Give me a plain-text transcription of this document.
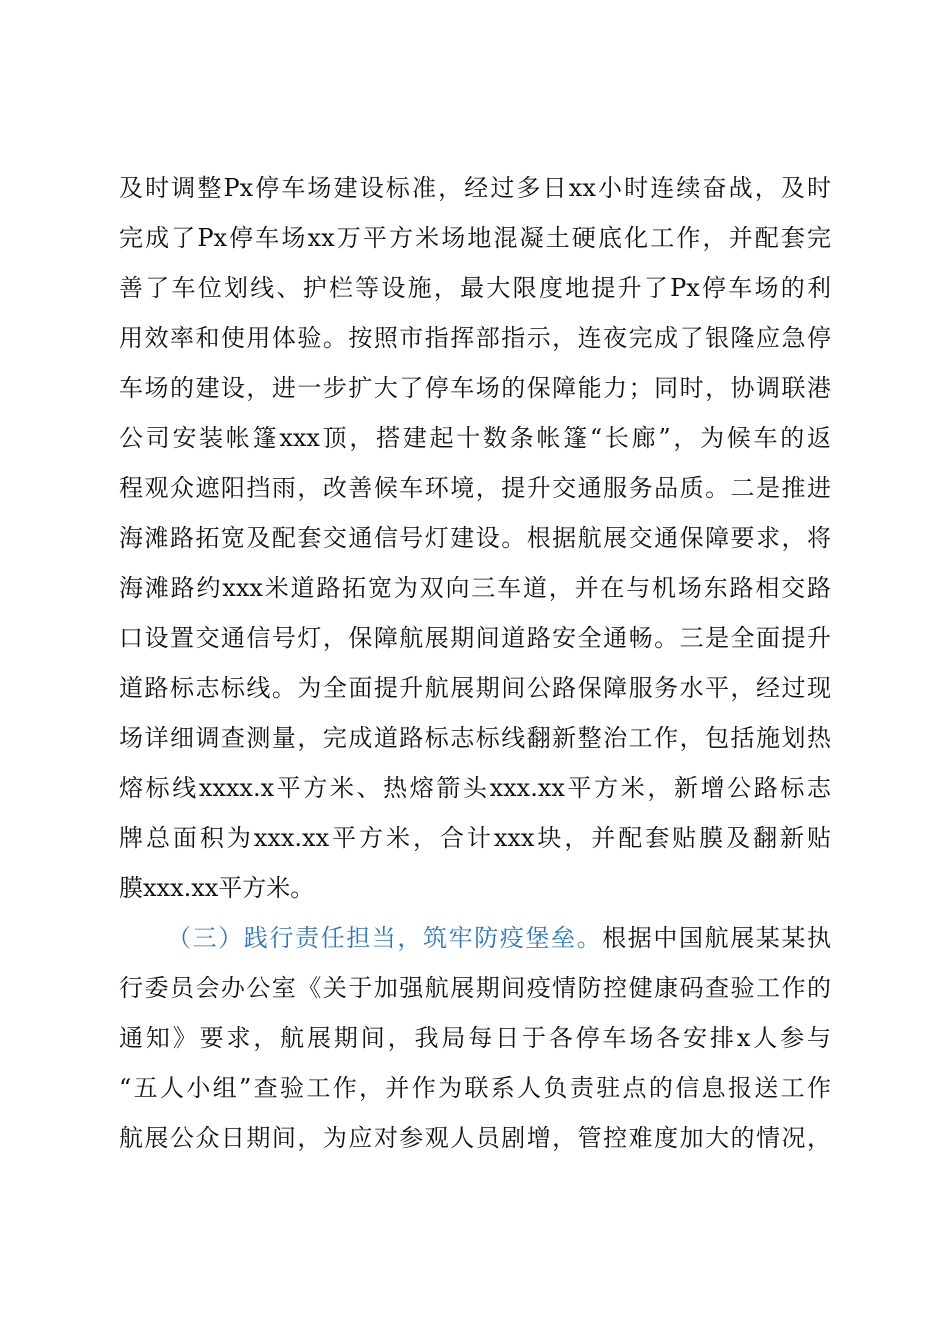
及时调整Px停车场建设标准，经过多日xx小时连续奋战，及时
完成了Px停车场xx万平方米场地混凝土硬底化工作，并配套完
善了车位划线、护栏等设施，最大限度地提升了Px停车场的利
用效率和使用体验。按照市指挥部指示，连夜完成了银隆应急停
车场的建设，进一步扩大了停车场的保障能力；同时，协调联港
公司安装帐篷xxx顶，搭建起十数条帐篷“长廊”，为候车的返
程观众遮阳挡雨，改善候车环境，提升交通服务品质。二是推进
海滩路拓宽及配套交通信号灯建设。根据航展交通保障要求，将
海滩路约xxx米道路拓宽为双向三车道，并在与机场东路相交路
口设置交通信号灯，保障航展期间道路安全通畅。三是全面提升
道路标志标线。为全面提升航展期间公路保障服务水平，经过现
场详细调查测量，完成道路标志标线翻新整治工作，包括施划热
熔标线xxxx.x平方米、热熔箭头xxx.xx平方米，新增公路标志
牌总面积为xxx.xx平方米，合计xxx块，并配套贴膜及翻新贴
膜xxx.xx平方米。
（三）践行责任担当，筑牢防疫堡垒。根据中国航展某某执
行委员会办公室《关于加强航展期间疫情防控健康码查验工作的
通知》要求，航展期间，我局每日于各停车场各安排x人参与
“五人小组”查验工作，并作为联系人负责驻点的信息报送工作
航展公众日期间，为应对参观人员剧增，管控难度加大的情况，
